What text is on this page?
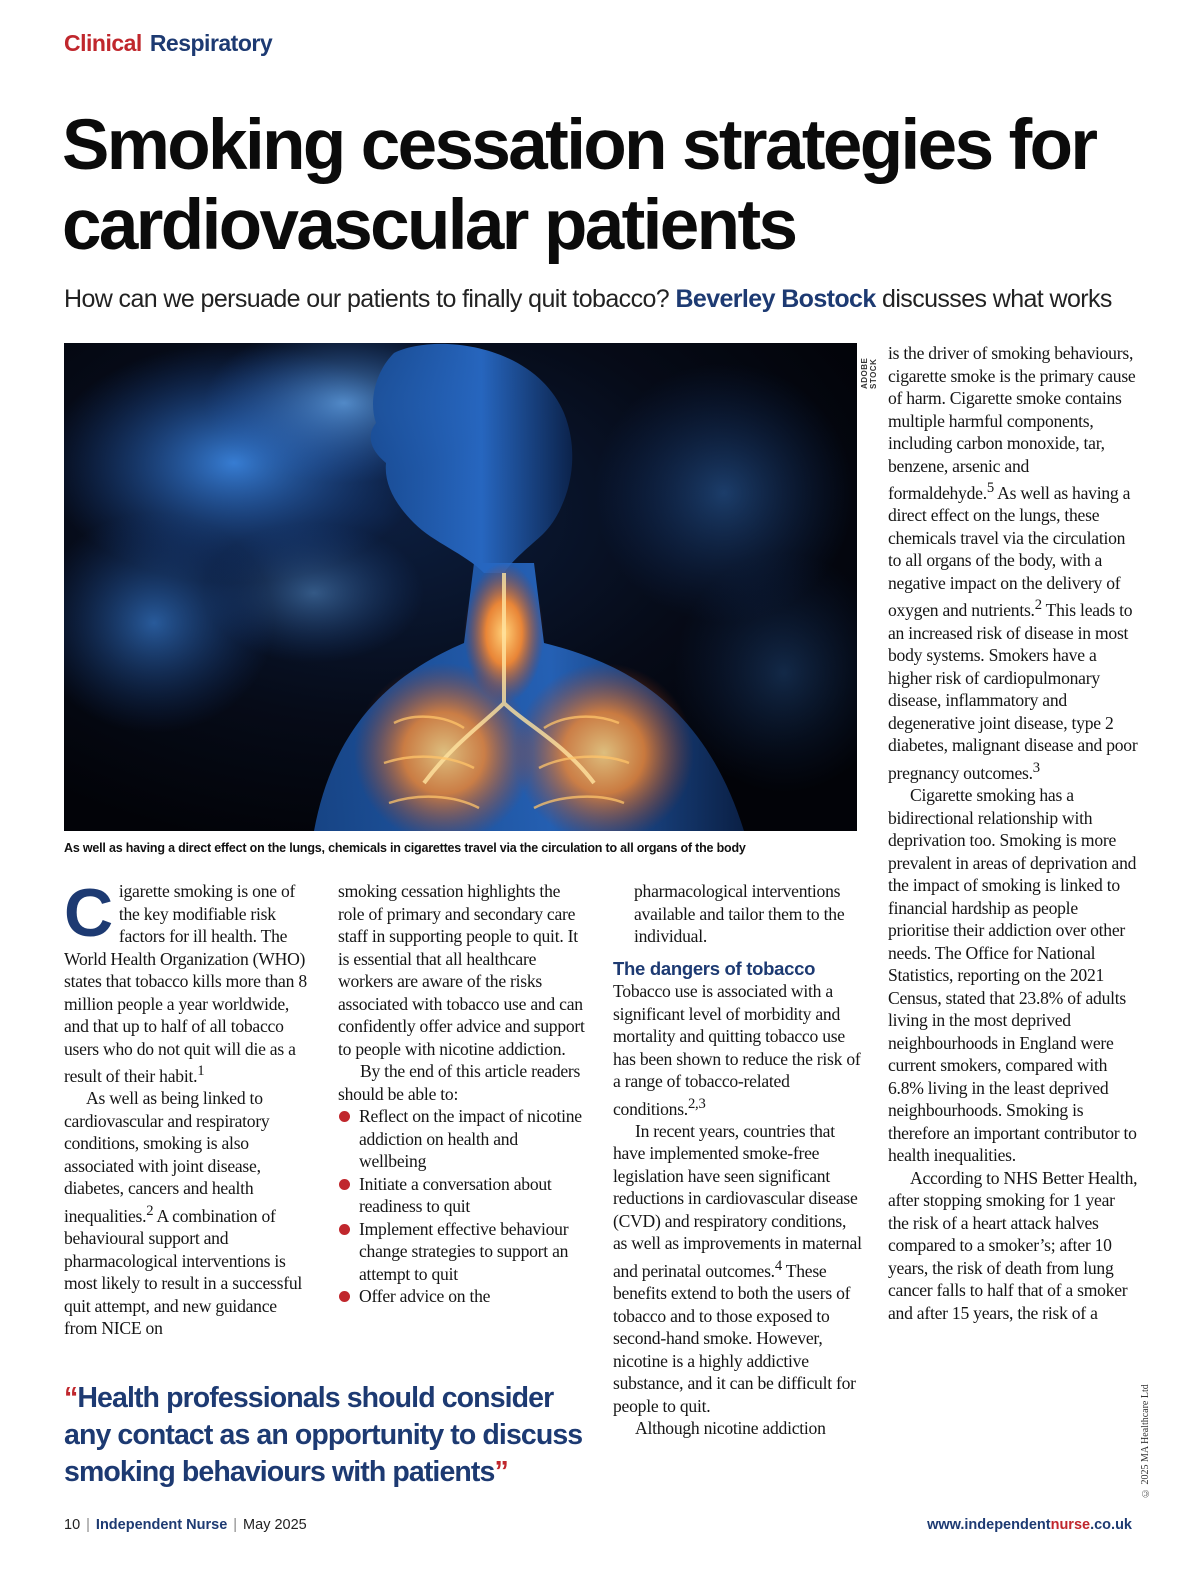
Clinical Respiratory
Smoking cessation strategies for cardiovascular patients
How can we persuade our patients to finally quit tobacco? Beverley Bostock discusses what works
ADOBE STOCK
As well as having a direct effect on the lungs, chemicals in cigarettes travel via the circulation to all organs of the body

Cigarette smoking is one of the key modifiable risk factors for ill health. The World Health Organization (WHO) states that tobacco kills more than 8 million people a year worldwide, and that up to half of all tobacco users who do not quit will die as a result of their habit.$^1$

As well as being linked to cardiovascular and respiratory conditions, smoking is also associated with joint disease, diabetes, cancers and health inequalities.$^2$ A combination of behavioural support and pharmacological interventions is most likely to result in a successful quit attempt, and new guidance from NICE on

smoking cessation highlights the role of primary and secondary care staff in supporting people to quit. It is essential that all healthcare workers are aware of the risks associated with tobacco use and can confidently offer advice and support to people with nicotine addiction.

By the end of this article readers should be able to:

Reflect on the impact of nicotine addiction on health and wellbeing
Initiate a conversation about readiness to quit
Implement effective behaviour change strategies to support an attempt to quit
Offer advice on the

pharmacological interventions available and tailor them to the individual.

The dangers of tobacco

Tobacco use is associated with a significant level of morbidity and mortality and quitting tobacco use has been shown to reduce the risk of a range of tobacco-related conditions.$^{2,3}$

In recent years, countries that have implemented smoke-free legislation have seen significant reductions in cardiovascular disease (CVD) and respiratory conditions, as well as improvements in maternal and perinatal outcomes.$^4$ These benefits extend to both the users of tobacco and to those exposed to second-hand smoke. However, nicotine is a highly addictive substance, and it can be difficult for people to quit.

Although nicotine addiction

is the driver of smoking behaviours, cigarette smoke is the primary cause of harm. Cigarette smoke contains multiple harmful components, including carbon monoxide, tar, benzene, arsenic and formaldehyde.$^5$ As well as having a direct effect on the lungs, these chemicals travel via the circulation to all organs of the body, with a negative impact on the delivery of oxygen and nutrients.$^2$ This leads to an increased risk of disease in most body systems. Smokers have a higher risk of cardiopulmonary disease, inflammatory and degenerative joint disease, type 2 diabetes, malignant disease and poor pregnancy outcomes.$^3$

Cigarette smoking has a bidirectional relationship with deprivation too. Smoking is more prevalent in areas of deprivation and the impact of smoking is linked to financial hardship as people prioritise their addiction over other needs. The Office for National Statistics, reporting on the 2021 Census, stated that 23.8% of adults living in the most deprived neighbourhoods in England were current smokers, compared with 6.8% living in the least deprived neighbourhoods. Smoking is therefore an important contributor to health inequalities.

According to NHS Better Health, after stopping smoking for 1 year the risk of a heart attack halves compared to a smoker’s; after 10 years, the risk of death from lung cancer falls to half that of a smoker and after 15 years, the risk of a

“Health professionals should consider any contact as an opportunity to discuss smoking behaviours with patients”	© 2025 MA Healthcare Ltd
10 | Independent Nurse | May 2025	www.independentnurse.co.uk
